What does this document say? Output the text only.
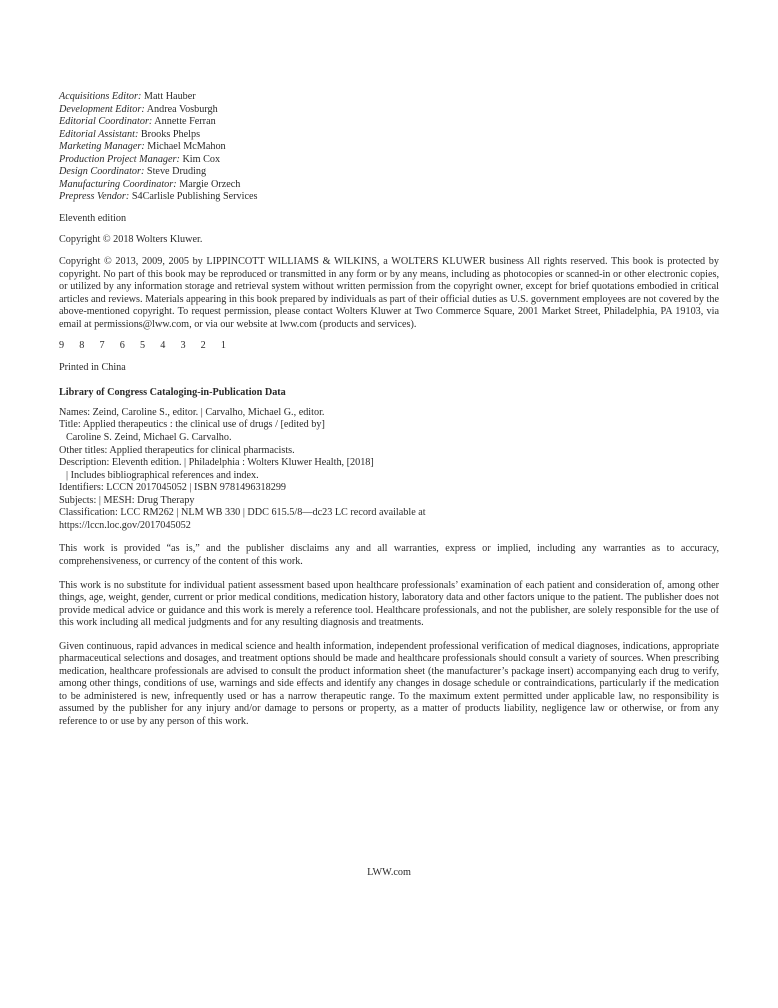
Acquisitions Editor: Matt Hauber
Development Editor: Andrea Vosburgh
Editorial Coordinator: Annette Ferran
Editorial Assistant: Brooks Phelps
Marketing Manager: Michael McMahon
Production Project Manager: Kim Cox
Design Coordinator: Steve Druding
Manufacturing Coordinator: Margie Orzech
Prepress Vendor: S4Carlisle Publishing Services
Eleventh edition
Copyright © 2018 Wolters Kluwer.

Copyright © 2013, 2009, 2005 by LIPPINCOTT WILLIAMS & WILKINS, a WOLTERS KLUWER business All rights reserved. This book is protected by copyright. No part of this book may be reproduced or transmitted in any form or by any means, including as photocopies or scanned-in or other electronic copies, or utilized by any information storage and retrieval system without written permission from the copyright owner, except for brief quotations embodied in critical articles and reviews. Materials appearing in this book prepared by individuals as part of their official duties as U.S. government employees are not covered by the above-mentioned copyright. To request permission, please contact Wolters Kluwer at Two Commerce Square, 2001 Market Street, Philadelphia, PA 19103, via email at permissions@lww.com, or via our website at lww.com (products and services).

9 8 7 6 5 4 3 2 1
Printed in China
Library of Congress Cataloging-in-Publication Data
Names: Zeind, Caroline S., editor. | Carvalho, Michael G., editor.
Title: Applied therapeutics : the clinical use of drugs / [edited by]
Caroline S. Zeind, Michael G. Carvalho.
Other titles: Applied therapeutics for clinical pharmacists.
Description: Eleventh edition. | Philadelphia : Wolters Kluwer Health, [2018]
| Includes bibliographical references and index.
Identifiers: LCCN 2017045052 | ISBN 9781496318299
Subjects: | MESH: Drug Therapy
Classification: LCC RM262 | NLM WB 330 | DDC 615.5/8—dc23 LC record available at
https://lccn.loc.gov/2017045052

This work is provided “as is,” and the publisher disclaims any and all warranties, express or implied, including any warranties as to accuracy, comprehensiveness, or currency of the content of this work.

This work is no substitute for individual patient assessment based upon healthcare professionals’ examination of each patient and consideration of, among other things, age, weight, gender, current or prior medical conditions, medication history, laboratory data and other factors unique to the patient. The publisher does not provide medical advice or guidance and this work is merely a reference tool. Healthcare professionals, and not the publisher, are solely responsible for the use of this work including all medical judgments and for any resulting diagnosis and treatments.

Given continuous, rapid advances in medical science and health information, independent professional verification of medical diagnoses, indications, appropriate pharmaceutical selections and dosages, and treatment options should be made and healthcare professionals should consult a variety of sources. When prescribing medication, healthcare professionals are advised to consult the product information sheet (the manufacturer’s package insert) accompanying each drug to verify, among other things, conditions of use, warnings and side effects and identify any changes in dosage schedule or contraindications, particularly if the medication to be administered is new, infrequently used or has a narrow therapeutic range. To the maximum extent permitted under applicable law, no responsibility is assumed by the publisher for any injury and/or damage to persons or property, as a matter of products liability, negligence law or otherwise, or from any reference to or use by any person of this work.

LWW.com
